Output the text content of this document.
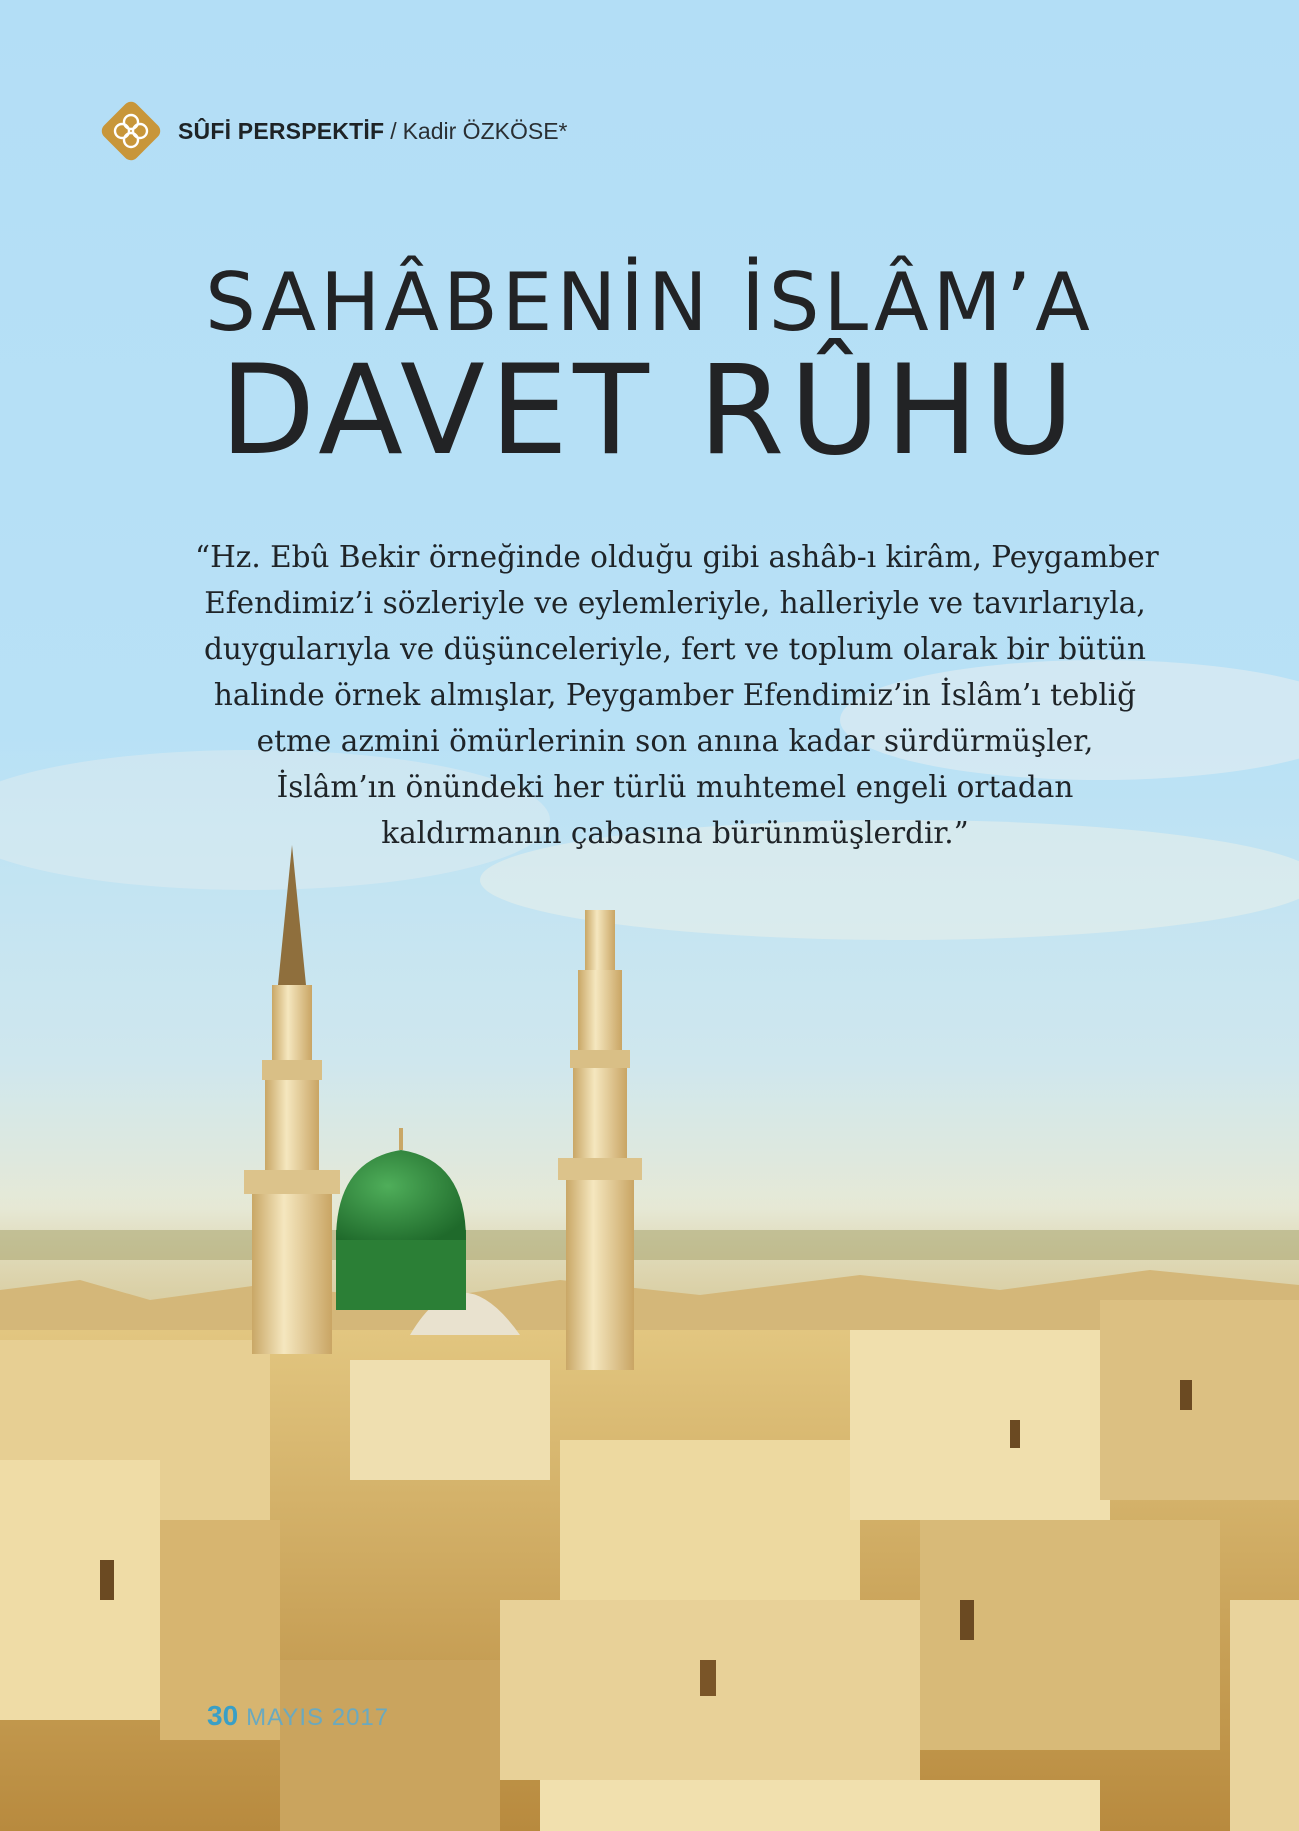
SÛFİ PERSPEKTİF / Kadir ÖZKÖSE*
SAHÂBENİN İSLÂM’A
DAVET RÛHU
“Hz. Ebû Bekir örneğinde olduğu gibi ashâb-ı kirâm, Peygamber
Efendimiz’i sözleriyle ve eylemleriyle, halleriyle ve tavırlarıyla,
duygularıyla ve düşünceleriyle, fert ve toplum olarak bir bütün
halinde örnek almışlar, Peygamber Efendimiz’in İslâm’ı tebliğ
etme azmini ömürlerinin son anına kadar sürdürmüşler,
İslâm’ın önündeki her türlü muhtemel engeli ortadan
kaldırmanın çabasına bürünmüşlerdir.”
30 MAYIS 2017
